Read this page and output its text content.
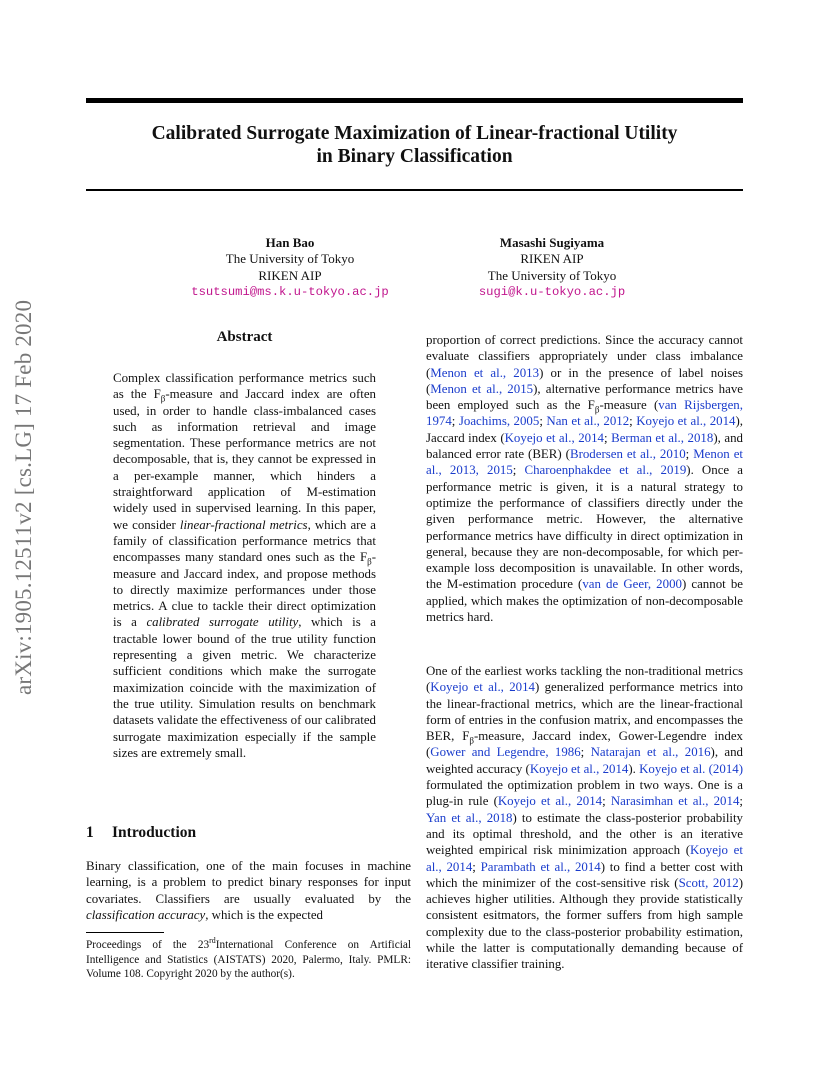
Calibrated Surrogate Maximization of Linear-fractional Utility
in Binary Classification
Han Bao
The University of Tokyo
RIKEN AIP
tsutsumi@ms.k.u-tokyo.ac.jp
Masashi Sugiyama
RIKEN AIP
The University of Tokyo
sugi@k.u-tokyo.ac.jp
arXiv:1905.12511v2 [cs.LG] 17 Feb 2020	Abstract
Complex classification performance metrics such as the $F_\beta$-measure and Jaccard index are often used, in order to handle class-imbalanced cases such as information retrieval and image segmentation. These performance metrics are not decomposable, that is, they cannot be expressed in a per-example manner, which hinders a straightforward application of M-estimation widely used in supervised learning. In this paper, we consider linear-fractional metrics, which are a family of classification performance metrics that encompasses many standard ones such as the $F_\beta$-measure and Jaccard index, and propose methods to directly maximize performances under those metrics. A clue to tackle their direct optimization is a calibrated surrogate utility, which is a tractable lower bound of the true utility function representing a given metric. We characterize sufficient conditions which make the surrogate maximization coincide with the maximization of the true utility. Simulation results on benchmark datasets validate the effectiveness of our calibrated surrogate maximization especially if the sample sizes are extremely small.
1 Introduction
Binary classification, one of the main focuses in machine learning, is a problem to predict binary responses for input covariates. Classifiers are usually evaluated by the classification accuracy, which is the expected
Proceedings of the 23rdInternational Conference on Artificial Intelligence and Statistics (AISTATS) 2020, Palermo, Italy. PMLR: Volume 108. Copyright 2020 by the author(s).
proportion of correct predictions. Since the accuracy cannot evaluate classifiers appropriately under class imbalance (Menon et al., 2013) or in the presence of label noises (Menon et al., 2015), alternative performance metrics have been employed such as the $F_\beta$-measure (van Rijsbergen, 1974; Joachims, 2005; Nan et al., 2012; Koyejo et al., 2014), Jaccard index (Koyejo et al., 2014; Berman et al., 2018), and balanced error rate (BER) (Brodersen et al., 2010; Menon et al., 2013, 2015; Charoenphakdee et al., 2019). Once a performance metric is given, it is a natural strategy to optimize the performance of classifiers directly under the given performance metric. However, the alternative performance metrics have difficulty in direct optimization in general, because they are non-decomposable, for which per-example loss decomposition is unavailable. In other words, the M-estimation procedure (van de Geer, 2000) cannot be applied, which makes the optimization of non-decomposable metrics hard.
One of the earliest works tackling the non-traditional metrics (Koyejo et al., 2014) generalized performance metrics into the linear-fractional metrics, which are the linear-fractional form of entries in the confusion matrix, and encompasses the BER, $F_\beta$-measure, Jaccard index, Gower-Legendre index (Gower and Legendre, 1986; Natarajan et al., 2016), and weighted accuracy (Koyejo et al., 2014). Koyejo et al. (2014) formulated the optimization problem in two ways. One is a plug-in rule (Koyejo et al., 2014; Narasimhan et al., 2014; Yan et al., 2018) to estimate the class-posterior probability and its optimal threshold, and the other is an iterative weighted empirical risk minimization approach (Koyejo et al., 2014; Parambath et al., 2014) to find a better cost with which the minimizer of the cost-sensitive risk (Scott, 2012) achieves higher utilities. Although they provide statistically consistent esitmators, the former suffers from high sample complexity due to the class-posterior probability estimation, while the latter is computationally demanding because of iterative classifier training.
